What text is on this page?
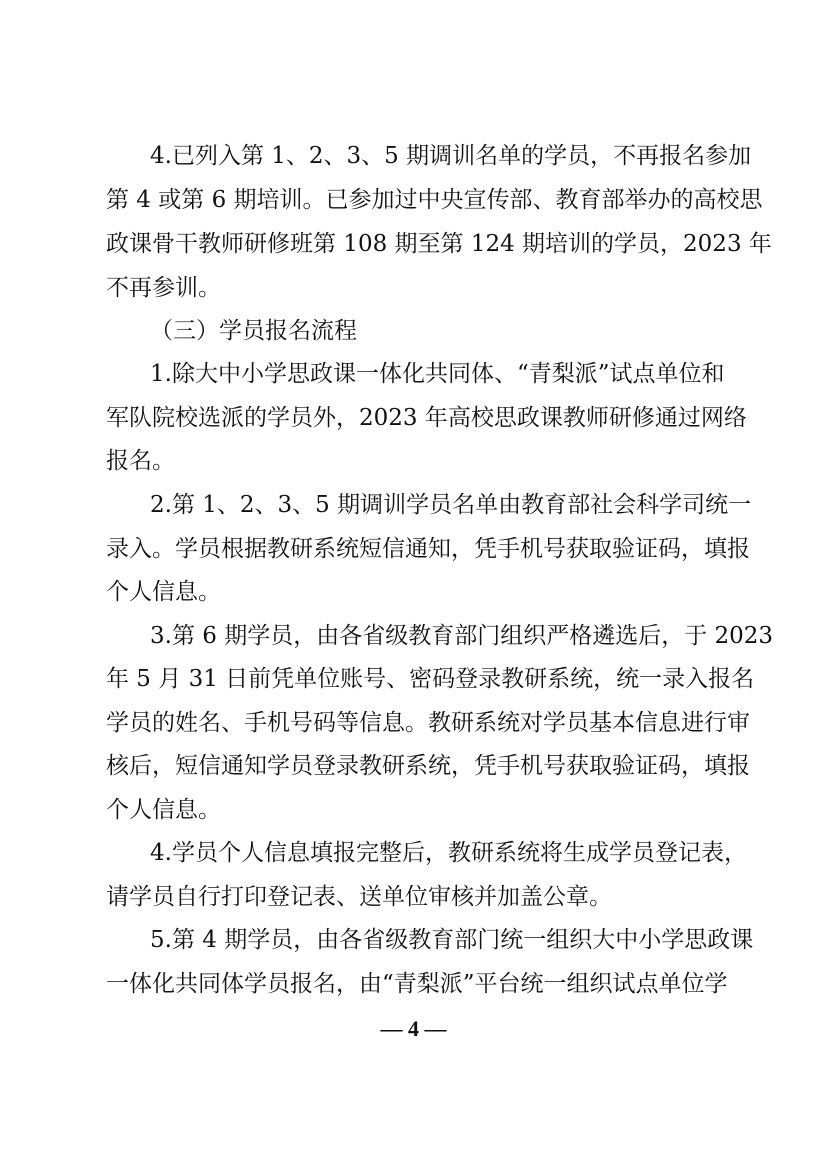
4.已列入第 1、2、3、5 期调训名单的学员，不再报名参加

第 4 或第 6 期培训。已参加过中央宣传部、教育部举办的高校思

政课骨干教师研修班第 108 期至第 124 期培训的学员，2023 年

不再参训。

（三）学员报名流程

1.除大中小学思政课一体化共同体、“青梨派”试点单位和

军队院校选派的学员外，2023 年高校思政课教师研修通过网络

报名。

2.第 1、2、3、5 期调训学员名单由教育部社会科学司统一

录入。学员根据教研系统短信通知，凭手机号获取验证码，填报

个人信息。

3.第 6 期学员，由各省级教育部门组织严格遴选后，于 2023

年 5 月 31 日前凭单位账号、密码登录教研系统，统一录入报名

学员的姓名、手机号码等信息。教研系统对学员基本信息进行审

核后，短信通知学员登录教研系统，凭手机号获取验证码，填报

个人信息。

4.学员个人信息填报完整后，教研系统将生成学员登记表，

请学员自行打印登记表、送单位审核并加盖公章。

5.第 4 期学员，由各省级教育部门统一组织大中小学思政课

一体化共同体学员报名，由“青梨派”平台统一组织试点单位学

— 4 —
